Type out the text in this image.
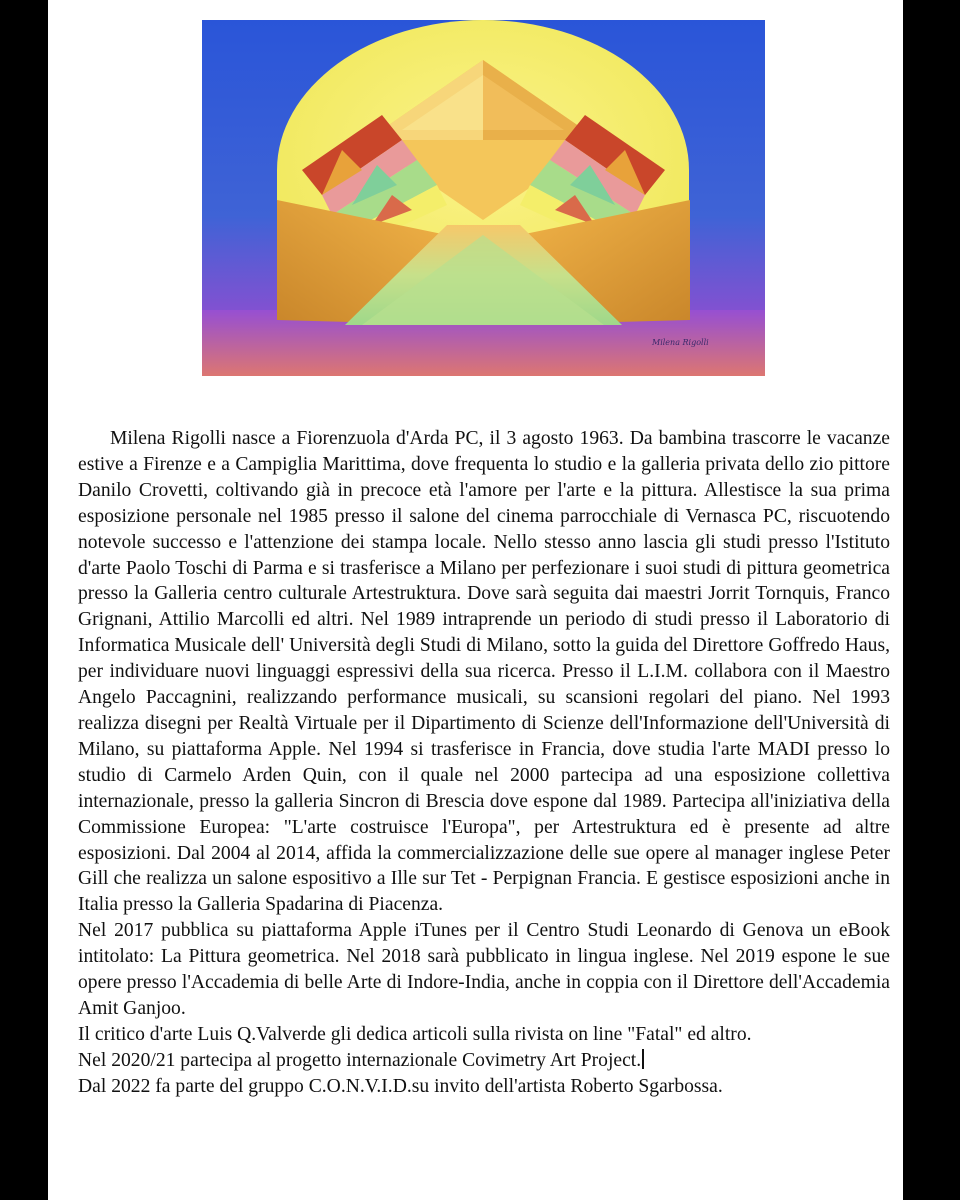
Milena Rigolli

Milena Rigolli nasce a Fiorenzuola d'Arda PC, il 3 agosto 1963. Da bambina trascorre le vacanze estive a Firenze e a Campiglia Marittima, dove frequenta lo studio e la galleria privata dello zio pittore Danilo Crovetti, coltivando già in precoce età l'amore per l'arte e la pittura. Allestisce la sua prima esposizione personale nel 1985 presso il salone del cinema parrocchiale di Vernasca PC, riscuotendo notevole successo e l'attenzione dei stampa locale. Nello stesso anno lascia gli studi presso l'Istituto d'arte Paolo Toschi di Parma e si trasferisce a Milano per perfezionare i suoi studi di pittura geometrica presso la Galleria centro culturale Artestruktura. Dove sarà seguita dai maestri Jorrit Tornquis, Franco Grignani, Attilio Marcolli ed altri. Nel 1989 intraprende un periodo di studi presso il Laboratorio di Informatica Musicale dell' Università degli Studi di Milano, sotto la guida del Direttore Goffredo Haus, per individuare nuovi linguaggi espressivi della sua ricerca. Presso il L.I.M. collabora con il Maestro Angelo Paccagnini, realizzando performance musicali, su scansioni regolari del piano. Nel 1993 realizza disegni per Realtà Virtuale per il Dipartimento di Scienze dell'Informazione dell'Università di Milano, su piattaforma Apple. Nel 1994 si trasferisce in Francia, dove studia l'arte MADI presso lo studio di Carmelo Arden Quin, con il quale nel 2000 partecipa ad una esposizione collettiva internazionale, presso la galleria Sincron di Brescia dove espone dal 1989. Partecipa all'iniziativa della Commissione Europea: "L'arte costruisce l'Europa", per Artestruktura ed è presente ad altre esposizioni. Dal 2004 al 2014, affida la commercializzazione delle sue opere al manager inglese Peter Gill che realizza un salone espositivo a Ille sur Tet - Perpignan Francia. E gestisce esposizioni anche in Italia presso la Galleria Spadarina di Piacenza.

Nel 2017 pubblica su piattaforma Apple iTunes per il Centro Studi Leonardo di Genova un eBook intitolato: La Pittura geometrica. Nel 2018 sarà pubblicato in lingua inglese. Nel 2019 espone le sue opere presso l'Accademia di belle Arte di Indore-India, anche in coppia con il Direttore dell'Accademia Amit Ganjoo.

Il critico d'arte Luis Q.Valverde gli dedica articoli sulla rivista on line "Fatal" ed altro.

Nel 2020/21 partecipa al progetto internazionale Covimetry Art Project.

Dal 2022 fa parte del gruppo C.O.N.V.I.D.su invito dell'artista Roberto Sgarbossa.
